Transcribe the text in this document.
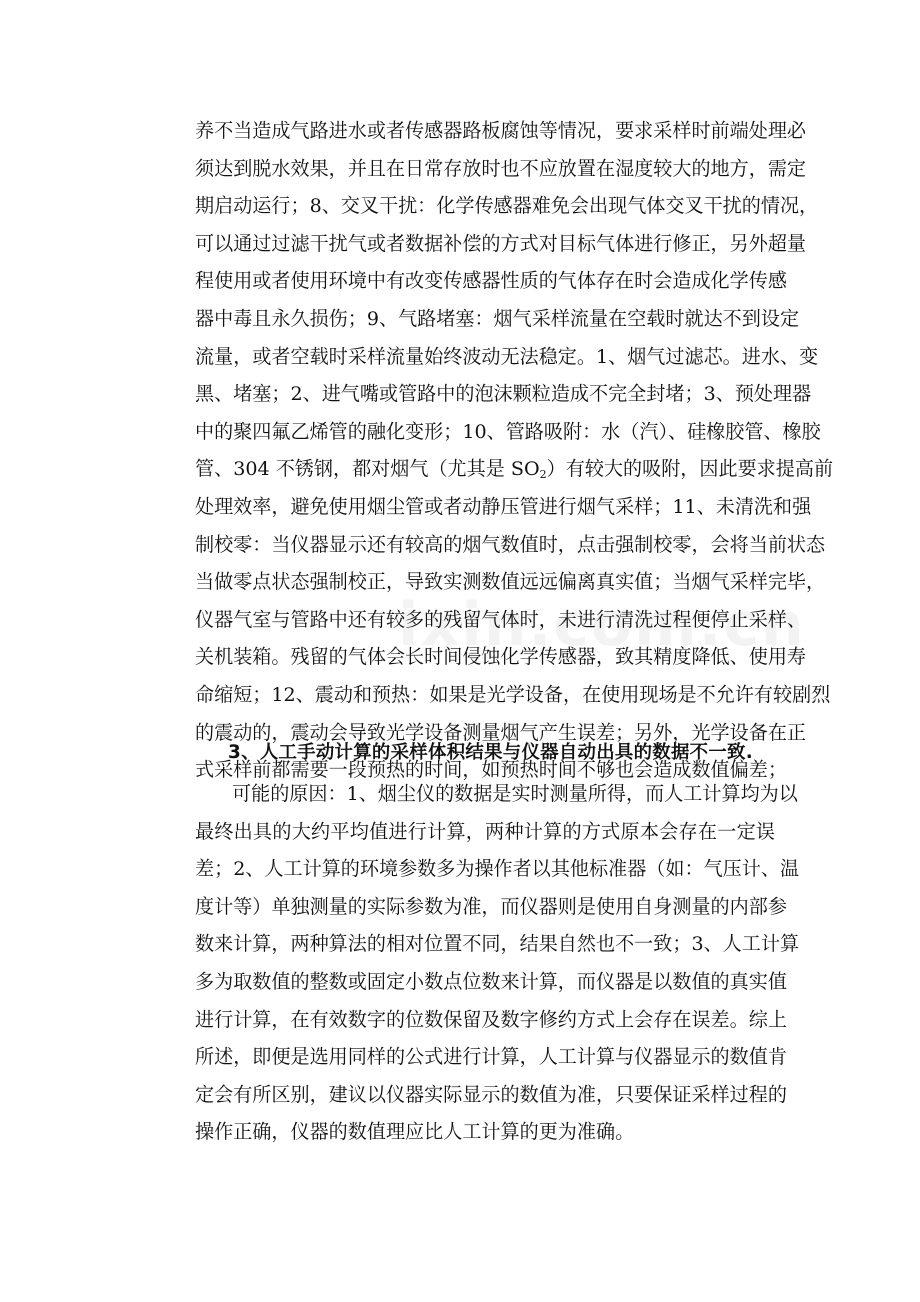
养不当造成气路进水或者传感器路板腐蚀等情况，要求采样时前端处理必
须达到脱水效果，并且在日常存放时也不应放置在湿度较大的地方，需定
期启动运行；8、交叉干扰：化学传感器难免会出现气体交叉干扰的情况，
可以通过过滤干扰气或者数据补偿的方式对目标气体进行修正，另外超量
程使用或者使用环境中有改变传感器性质的气体存在时会造成化学传感
器中毒且永久损伤；9、气路堵塞：烟气采样流量在空载时就达不到设定
流量，或者空载时采样流量始终波动无法稳定。1、烟气过滤芯。进水、变
黑、堵塞；2、进气嘴或管路中的泡沫颗粒造成不完全封堵；3、预处理器
中的聚四氟乙烯管的融化变形；10、管路吸附：水（汽）、硅橡胶管、橡胶
管、304 不锈钢，都对烟气（尤其是 $SO_2$）有较大的吸附，因此要求提高前
处理效率，避免使用烟尘管或者动静压管进行烟气采样；11、未清洗和强
制校零：当仪器显示还有较高的烟气数值时，点击强制校零，会将当前状态
当做零点状态强制校正，导致实测数值远远偏离真实值；当烟气采样完毕，
仪器气室与管路中还有较多的残留气体时，未进行清洗过程便停止采样、
关机装箱。残留的气体会长时间侵蚀化学传感器，致其精度降低、使用寿
命缩短；12、震动和预热：如果是光学设备，在使用现场是不允许有较剧烈
的震动的，震动会导致光学设备测量烟气产生误差；另外，光学设备在正
式采样前都需要一段预热的时间，如预热时间不够也会造成数值偏差；
3、人工手动计算的采样体积结果与仪器自动出具的数据不一致.
可能的原因：1、烟尘仪的数据是实时测量所得，而人工计算均为以
最终出具的大约平均值进行计算，两种计算的方式原本会存在一定误
差；2、人工计算的环境参数多为操作者以其他标准器（如：气压计、温
度计等）单独测量的实际参数为准，而仪器则是使用自身测量的内部参
数来计算，两种算法的相对位置不同，结果自然也不一致；3、人工计算
多为取数值的整数或固定小数点位数来计算，而仪器是以数值的真实值
进行计算，在有效数字的位数保留及数字修约方式上会存在误差。综上
所述，即便是选用同样的公式进行计算，人工计算与仪器显示的数值肯
定会有所区别，建议以仪器实际显示的数值为准，只要保证采样过程的
操作正确，仪器的数值理应比人工计算的更为准确。
